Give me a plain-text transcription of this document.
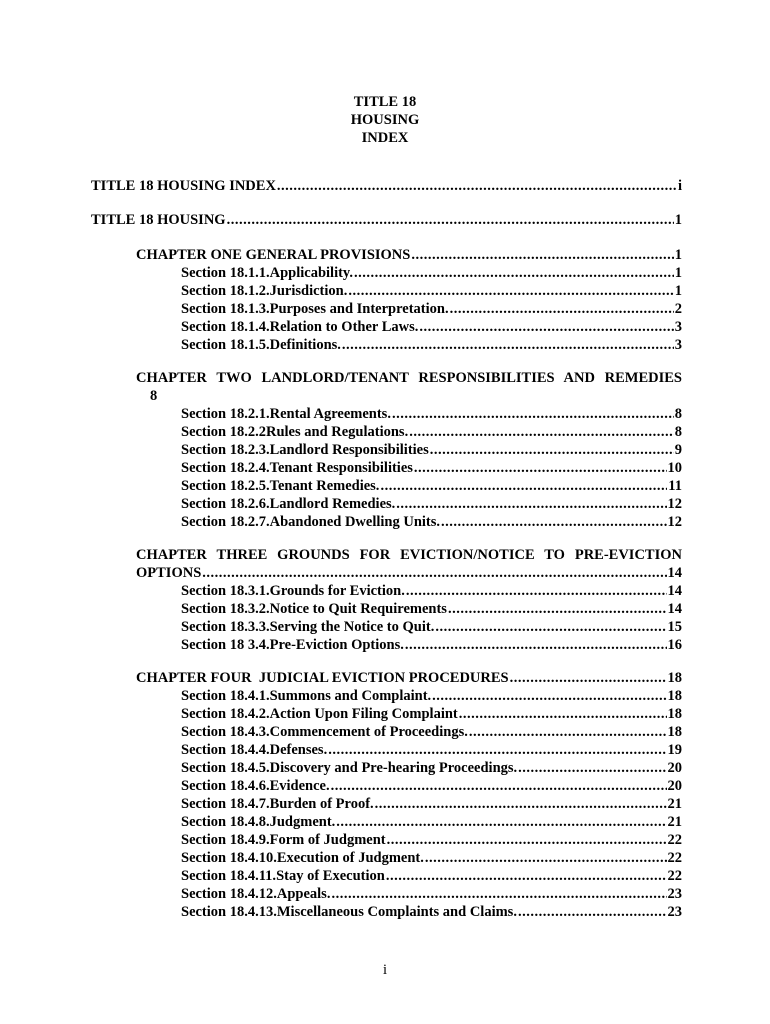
TITLE 18
HOUSING
INDEX
TITLE 18 HOUSING INDEX .....	i
TITLE 18 HOUSING .....	1
CHAPTER ONE GENERAL PROVISIONS .....	1
Section 18.1.1. Applicability. .....	1
Section 18.1.2. Jurisdiction. .....	1
Section 18.1.3. Purposes and Interpretation. .....	2
Section 18.1.4. Relation to Other Laws. .....	3
Section 18.1.5. Definitions. .....	3
CHAPTER TWO LANDLORD/TENANT RESPONSIBILITIES AND REMEDIES
8
Section 18.2.1. Rental Agreements. .....	8
Section 18.2.2 Rules and Regulations. .....	8
Section 18.2.3. Landlord Responsibilities .....	9
Section 18.2.4. Tenant Responsibilities .....	10
Section 18.2.5. Tenant Remedies. .....	11
Section 18.2.6. Landlord Remedies. .....	12
Section 18.2.7. Abandoned Dwelling Units. .....	12
CHAPTER THREE GROUNDS FOR EVICTION/NOTICE TO PRE-EVICTION
OPTIONS .....	14
Section 18.3.1. Grounds for Eviction. .....	14
Section 18.3.2. Notice to Quit Requirements .....	14
Section 18.3.3. Serving the Notice to Quit. .....	15
Section 18 3.4. Pre-Eviction Options. .....	16
CHAPTER FOUR  JUDICIAL EVICTION PROCEDURES .....	18
Section 18.4.1. Summons and Complaint. .....	18
Section 18.4.2. Action Upon Filing Complaint .....	18
Section 18.4.3. Commencement of Proceedings. .....	18
Section 18.4.4. Defenses. .....	19
Section 18.4.5. Discovery and Pre-hearing Proceedings. .....	20
Section 18.4.6. Evidence. .....	20
Section 18.4.7. Burden of Proof. .....	21
Section 18.4.8. Judgment. .....	21
Section 18.4.9. Form of Judgment .....	22
Section 18.4.10. Execution of Judgment. .....	22
Section 18.4.11. Stay of Execution .....	22
Section 18.4.12. Appeals. .....	23
Section 18.4.13. Miscellaneous Complaints and Claims. .....	23
i
